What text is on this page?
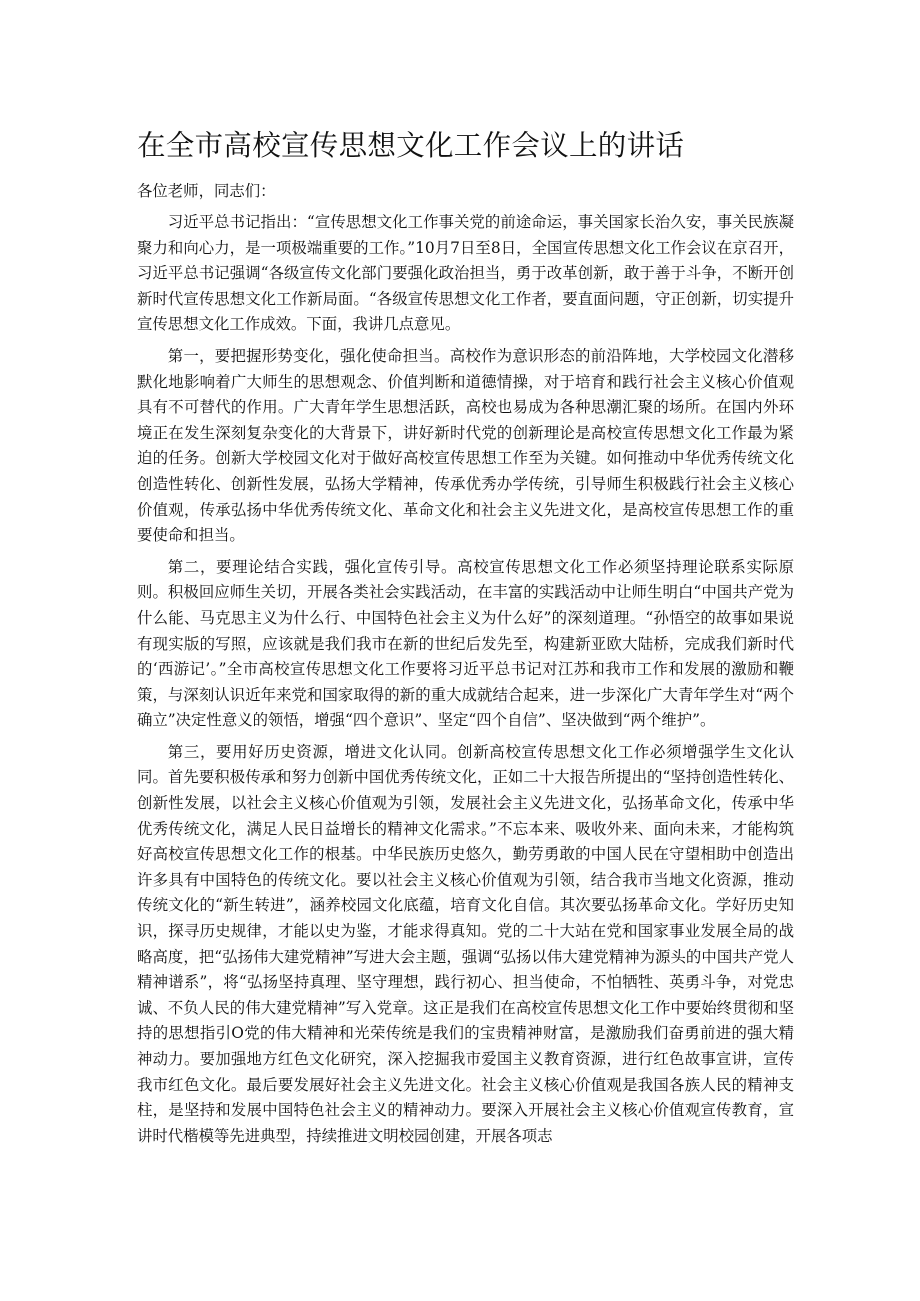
在全市高校宣传思想文化工作会议上的讲话

各位老师，同志们：

习近平总书记指出：“宣传思想文化工作事关党的前途命运，事关国家长治久安，事关民族凝聚力和向心力，是一项极端重要的工作。”10月7日至8日，全国宣传思想文化工作会议在京召开，习近平总书记强调“各级宣传文化部门要强化政治担当，勇于改革创新，敢于善于斗争，不断开创新时代宣传思想文化工作新局面。“各级宣传思想文化工作者，要直面问题，守正创新，切实提升宣传思想文化工作成效。下面，我讲几点意见。

第一，要把握形势变化，强化使命担当。高校作为意识形态的前沿阵地，大学校园文化潜移默化地影响着广大师生的思想观念、价值判断和道德情操，对于培育和践行社会主义核心价值观具有不可替代的作用。广大青年学生思想活跃，高校也易成为各种思潮汇聚的场所。在国内外环境正在发生深刻复杂变化的大背景下，讲好新时代党的创新理论是高校宣传思想文化工作最为紧迫的任务。创新大学校园文化对于做好高校宣传思想工作至为关键。如何推动中华优秀传统文化创造性转化、创新性发展，弘扬大学精神，传承优秀办学传统，引导师生积极践行社会主义核心价值观，传承弘扬中华优秀传统文化、革命文化和社会主义先进文化，是高校宣传思想工作的重要使命和担当。

第二，要理论结合实践，强化宣传引导。高校宣传思想文化工作必须坚持理论联系实际原则。积极回应师生关切，开展各类社会实践活动，在丰富的实践活动中让师生明白“中国共产党为什么能、马克思主义为什么行、中国特色社会主义为什么好”的深刻道理。“孙悟空的故事如果说有现实版的写照，应该就是我们我市在新的世纪后发先至，构建新亚欧大陆桥，完成我们新时代的‘西游记’。”全市高校宣传思想文化工作要将习近平总书记对江苏和我市工作和发展的激励和鞭策，与深刻认识近年来党和国家取得的新的重大成就结合起来，进一步深化广大青年学生对“两个确立”决定性意义的领悟，增强“四个意识”、坚定“四个自信”、坚决做到“两个维护”。

第三，要用好历史资源，增进文化认同。创新高校宣传思想文化工作必须增强学生文化认同。首先要积极传承和努力创新中国优秀传统文化，正如二十大报告所提出的“坚持创造性转化、创新性发展，以社会主义核心价值观为引领，发展社会主义先进文化，弘扬革命文化，传承中华优秀传统文化，满足人民日益增长的精神文化需求。”不忘本来、吸收外来、面向未来，才能构筑好高校宣传思想文化工作的根基。中华民族历史悠久，勤劳勇敢的中国人民在守望相助中创造出许多具有中国特色的传统文化。要以社会主义核心价值观为引领，结合我市当地文化资源，推动传统文化的“新生转进”，涵养校园文化底蕴，培育文化自信。其次要弘扬革命文化。学好历史知识，探寻历史规律，才能以史为鉴，才能求得真知。党的二十大站在党和国家事业发展全局的战略高度，把“弘扬伟大建党精神”写进大会主题，强调“弘扬以伟大建党精神为源头的中国共产党人精神谱系”，将“弘扬坚持真理、坚守理想，践行初心、担当使命，不怕牺牲、英勇斗争，对党忠诚、不负人民的伟大建党精神”写入党章。这正是我们在高校宣传思想文化工作中要始终贯彻和坚持的思想指引O党的伟大精神和光荣传统是我们的宝贵精神财富，是激励我们奋勇前进的强大精神动力。要加强地方红色文化研究，深入挖掘我市爱国主义教育资源，进行红色故事宣讲，宣传我市红色文化。最后要发展好社会主义先进文化。社会主义核心价值观是我国各族人民的精神支柱，是坚持和发展中国特色社会主义的精神动力。要深入开展社会主义核心价值观宣传教育，宣讲时代楷模等先进典型，持续推进文明校园创建，开展各项志
